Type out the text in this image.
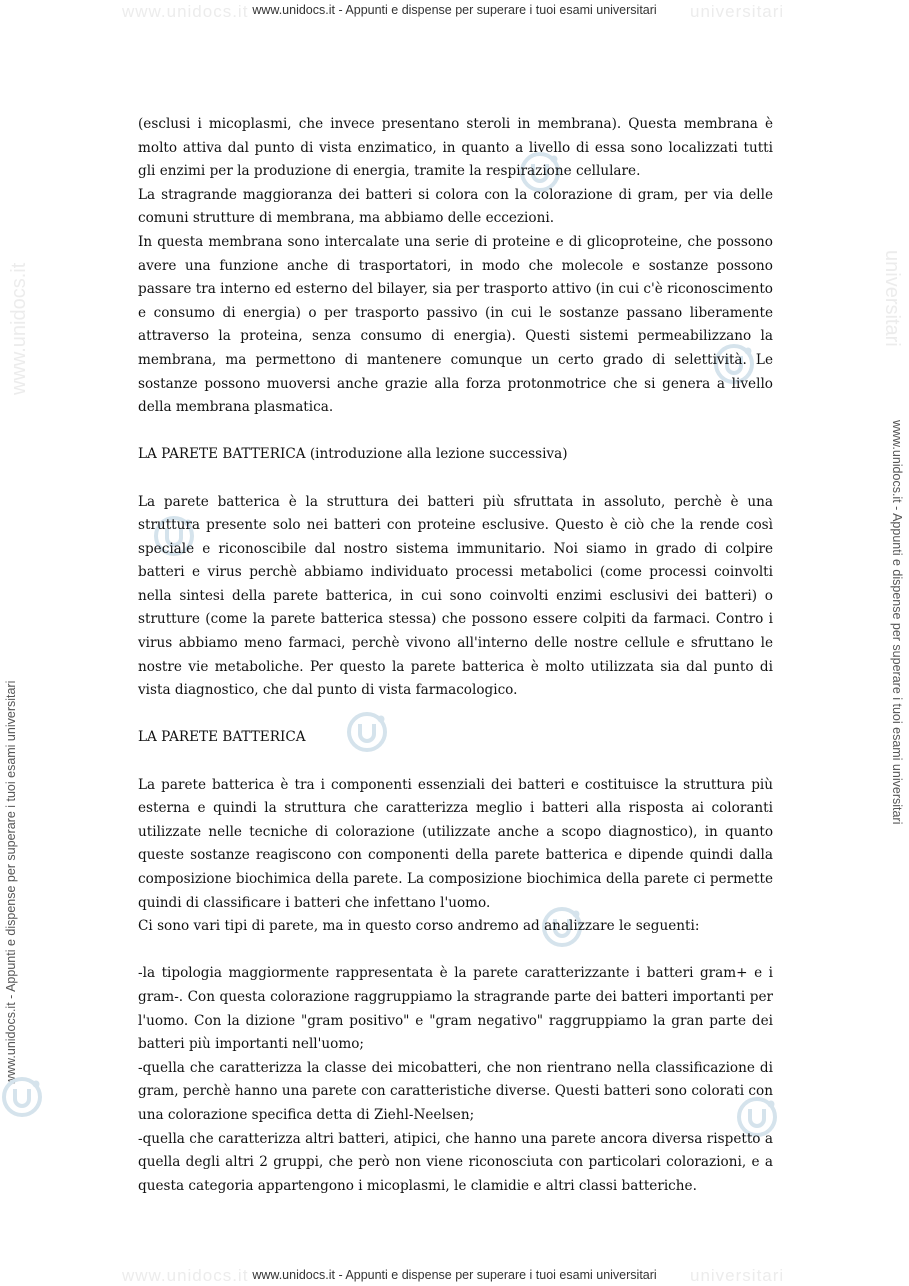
www.unidocs.it	universitari
www.unidocs.it	universitari
www.unidocs.it	universitari
www.unidocs.it - Appunti e dispense per superare i tuoi esami universitari
www.unidocs.it - Appunti e dispense per superare i tuoi esami universitari
www.unidocs.it - Appunti e dispense per superare i tuoi esami universitari
www.unidocs.it - Appunti e dispense per superare i tuoi esami universitari

(esclusi i micoplasmi, che invece presentano steroli in membrana). Questa membrana è molto attiva dal punto di vista enzimatico, in quanto a livello di essa sono localizzati tutti gli enzimi per la produzione di energia, tramite la respirazione cellulare.

La stragrande maggioranza dei batteri si colora con la colorazione di gram, per via delle comuni strutture di membrana, ma abbiamo delle eccezioni.

In questa membrana sono intercalate una serie di proteine e di glicoproteine, che possono avere una funzione anche di trasportatori, in modo che molecole e sostanze possono passare tra interno ed esterno del bilayer, sia per trasporto attivo (in cui c'è riconoscimento e consumo di energia) o per trasporto passivo (in cui le sostanze passano liberamente attraverso la proteina, senza consumo di energia). Questi sistemi permeabilizzano la membrana, ma permettono di mantenere comunque un certo grado di selettività. Le sostanze possono muoversi anche grazie alla forza protonmotrice che si genera a livello della membrana plasmatica.

LA PARETE BATTERICA (introduzione alla lezione successiva)

La parete batterica è la struttura dei batteri più sfruttata in assoluto, perchè è una struttura presente solo nei batteri con proteine esclusive. Questo è ciò che la rende così speciale e riconoscibile dal nostro sistema immunitario. Noi siamo in grado di colpire batteri e virus perchè abbiamo individuato processi metabolici (come processi coinvolti nella sintesi della parete batterica, in cui sono coinvolti enzimi esclusivi dei batteri) o strutture (come la parete batterica stessa) che possono essere colpiti da farmaci. Contro i virus abbiamo meno farmaci, perchè vivono all'interno delle nostre cellule e sfruttano le nostre vie metaboliche. Per questo la parete batterica è molto utilizzata sia dal punto di vista diagnostico, che dal punto di vista farmacologico.

LA PARETE BATTERICA

La parete batterica è tra i componenti essenziali dei batteri e costituisce la struttura più esterna e quindi la struttura che caratterizza meglio i batteri alla risposta ai coloranti utilizzate nelle tecniche di colorazione (utilizzate anche a scopo diagnostico), in quanto queste sostanze reagiscono con componenti della parete batterica e dipende quindi dalla composizione biochimica della parete. La composizione biochimica della parete ci permette quindi di classificare i batteri che infettano l'uomo.

Ci sono vari tipi di parete, ma in questo corso andremo ad analizzare le seguenti:

-la tipologia maggiormente rappresentata è la parete caratterizzante i batteri gram+ e i gram-. Con questa colorazione raggruppiamo la stragrande parte dei batteri importanti per l'uomo. Con la dizione "gram positivo" e "gram negativo" raggruppiamo la gran parte dei batteri più importanti nell'uomo;

-quella che caratterizza la classe dei micobatteri, che non rientrano nella classificazione di gram, perchè hanno una parete con caratteristiche diverse. Questi batteri sono colorati con una colorazione specifica detta di Ziehl-Neelsen;

-quella che caratterizza altri batteri, atipici, che hanno una parete ancora diversa rispetto a quella degli altri 2 gruppi, che però non viene riconosciuta con particolari colorazioni, e a questa categoria appartengono i micoplasmi, le clamidie e altri classi batteriche.
